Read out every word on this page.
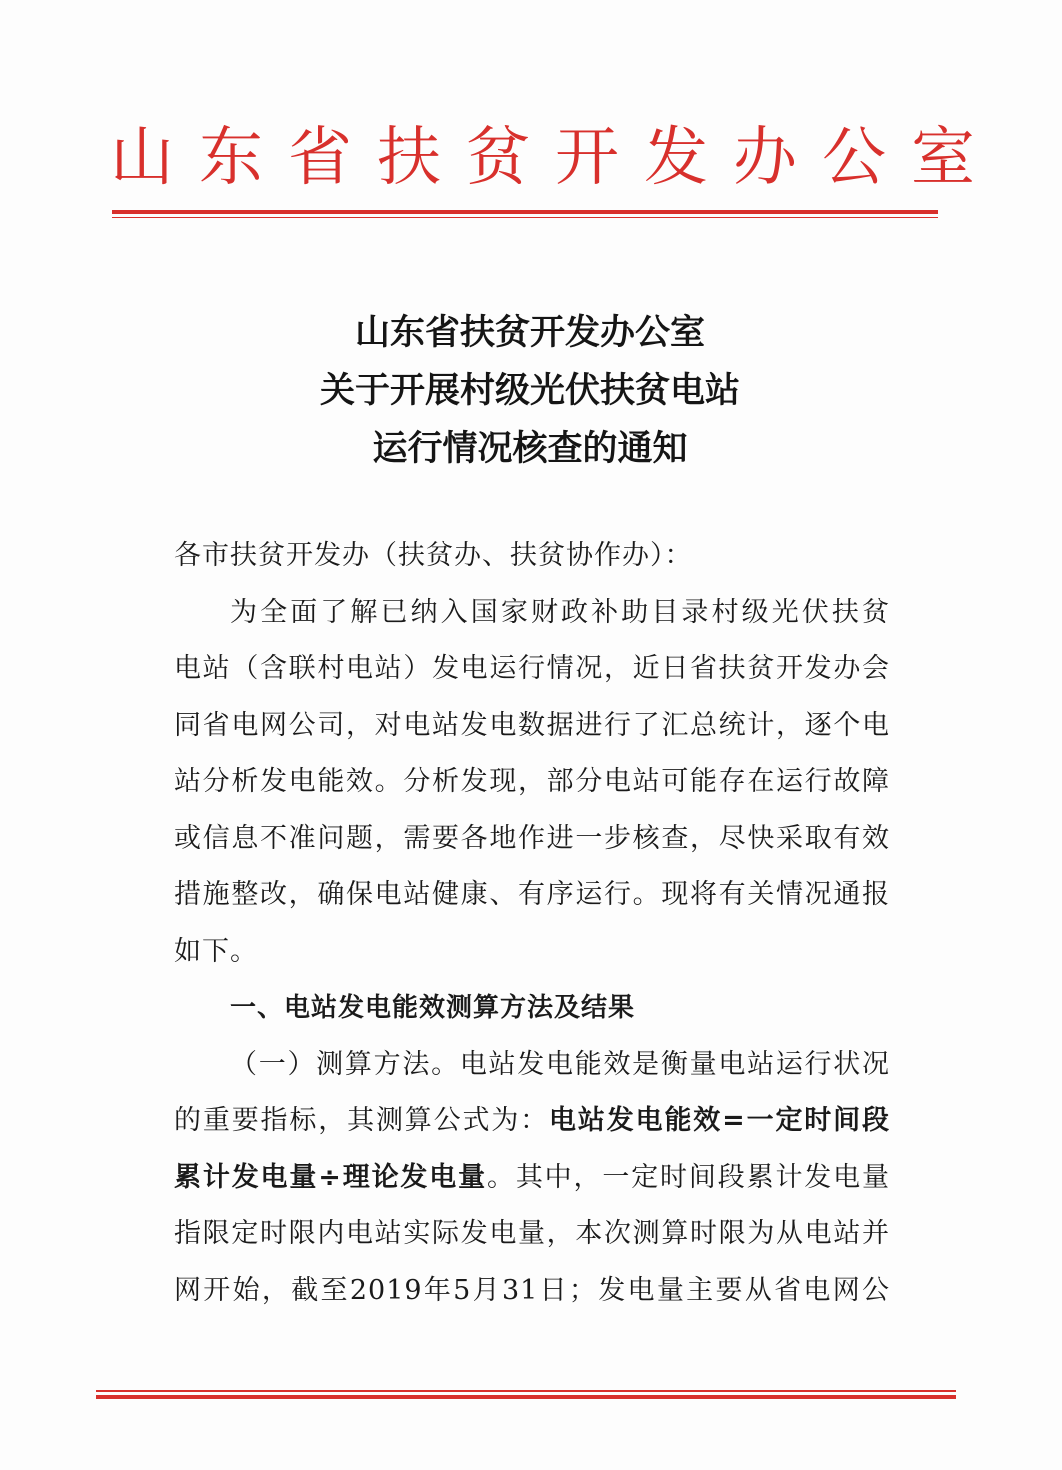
山东省扶贫开发办公室
山东省扶贫开发办公室
关于开展村级光伏扶贫电站
运行情况核查的通知
各市扶贫开发办（扶贫办、扶贫协作办）：
为全面了解已纳入国家财政补助目录村级光伏扶贫
电站（含联村电站）发电运行情况，近日省扶贫开发办会
同省电网公司，对电站发电数据进行了汇总统计，逐个电
站分析发电能效。分析发现，部分电站可能存在运行故障
或信息不准问题，需要各地作进一步核查，尽快采取有效
措施整改，确保电站健康、有序运行。现将有关情况通报
如下。
一、电站发电能效测算方法及结果
（一）测算方法。电站发电能效是衡量电站运行状况
的重要指标，其测算公式为：电站发电能效=一定时间段
累计发电量÷理论发电量。其中，一定时间段累计发电量
指限定时限内电站实际发电量，本次测算时限为从电站并
网开始，截至2019年5月31日；发电量主要从省电网公
